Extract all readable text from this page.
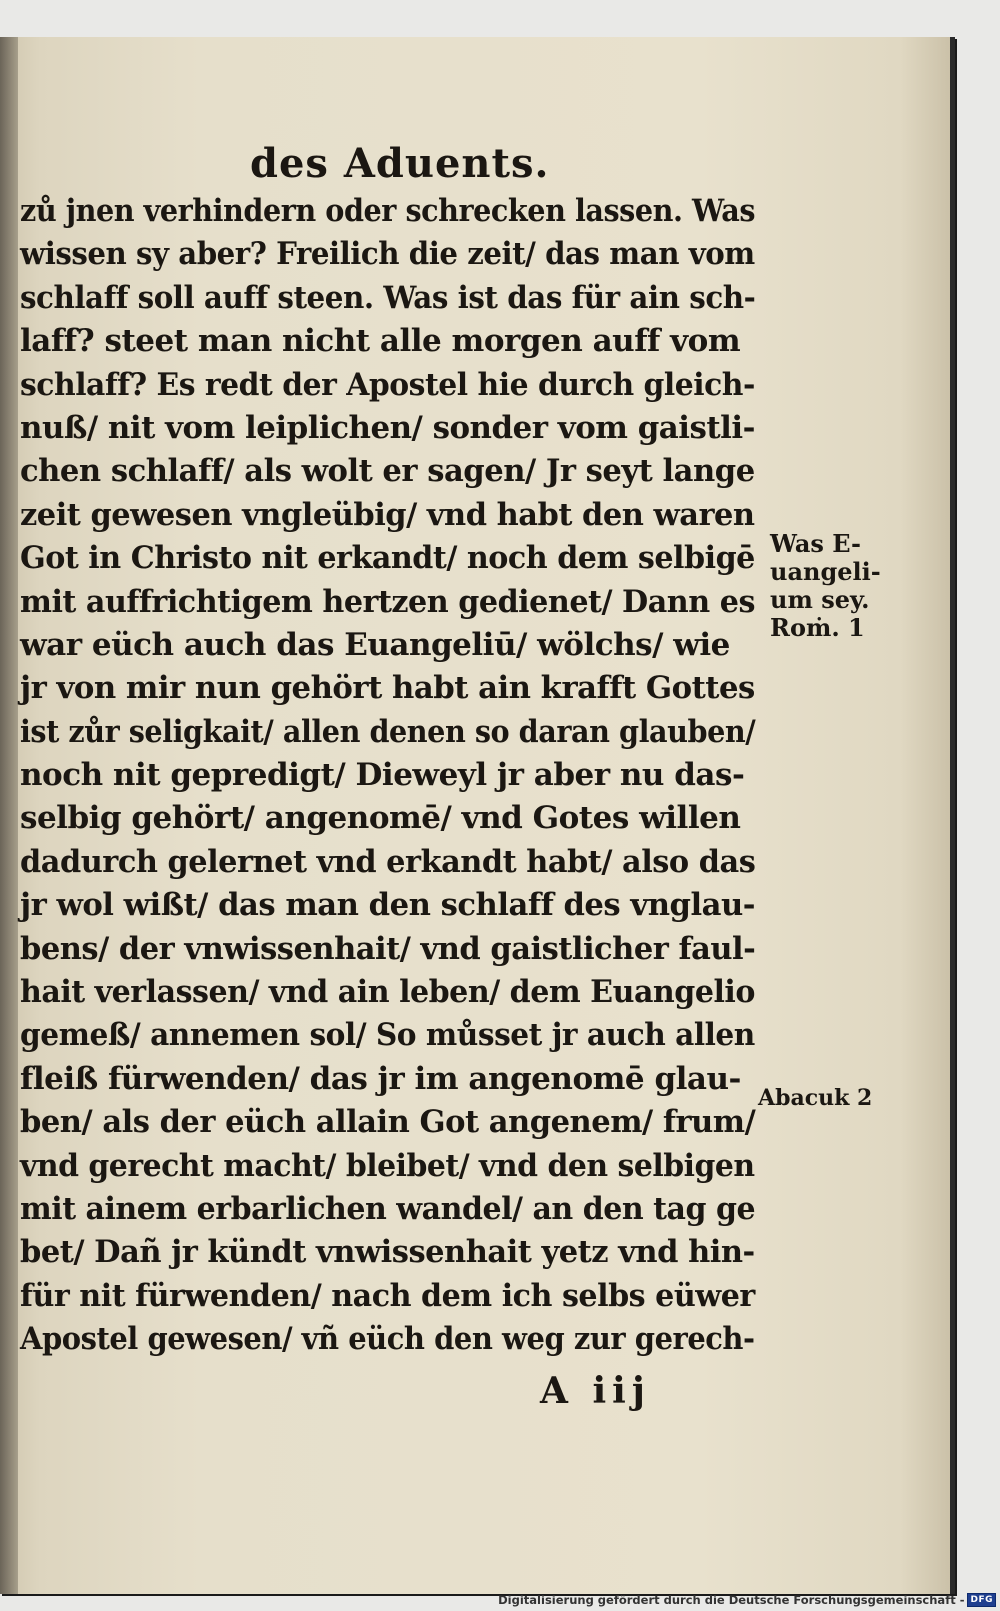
des Aduents.
zů jnen verhindern oder schrecken lassen. Was
wissen sy aber? Freilich die zeit/ das man vom
schlaff soll auff steen. Was ist das für ain sch-
laff? steet man nicht alle morgen auff vom
schlaff? Es redt der Apostel hie durch gleich-
nuß/ nit vom leiplichen/ sonder vom gaistli-
chen schlaff/ als wolt er sagen/ Jr seyt lange
zeit gewesen vngleübig/ vnd habt den waren
Got in Christo nit erkandt/ noch dem selbigē
mit auffrichtigem hertzen gedienet/ Dann es
war eüch auch das Euangeliū/ wölchs/ wie
jr von mir nun gehört habt ain krafft Gottes
ist zůr seligkait/ allen denen so daran glauben/
noch nit gepredigt/ Dieweyl jr aber nu das-
selbig gehört/ angenomē/ vnd Gotes willen
dadurch gelernet vnd erkandt habt/ also das
jr wol wißt/ das man den schlaff des vnglau-
bens/ der vnwissenhait/ vnd gaistlicher faul-
hait verlassen/ vnd ain leben/ dem Euangelio
gemeß/ annemen sol/ So můsset jr auch allen
fleiß fürwenden/ das jr im angenomē glau-
ben/ als der eüch allain Got angenem/ frum/
vnd gerecht macht/ bleibet/ vnd den selbigen
mit ainem erbarlichen wandel/ an den tag ge
bet/ Dañ jr kündt vnwissenhait yetz vnd hin-
für nit fürwenden/ nach dem ich selbs eüwer
Apostel gewesen/ vñ eüch den weg zur gerech-
Was E-
uangeli-
um sey.
Roṁ. 1
Abacuk 2
A iij
Digitalisierung gefördert durch die Deutsche Forschungsgemeinschaft - DFG
